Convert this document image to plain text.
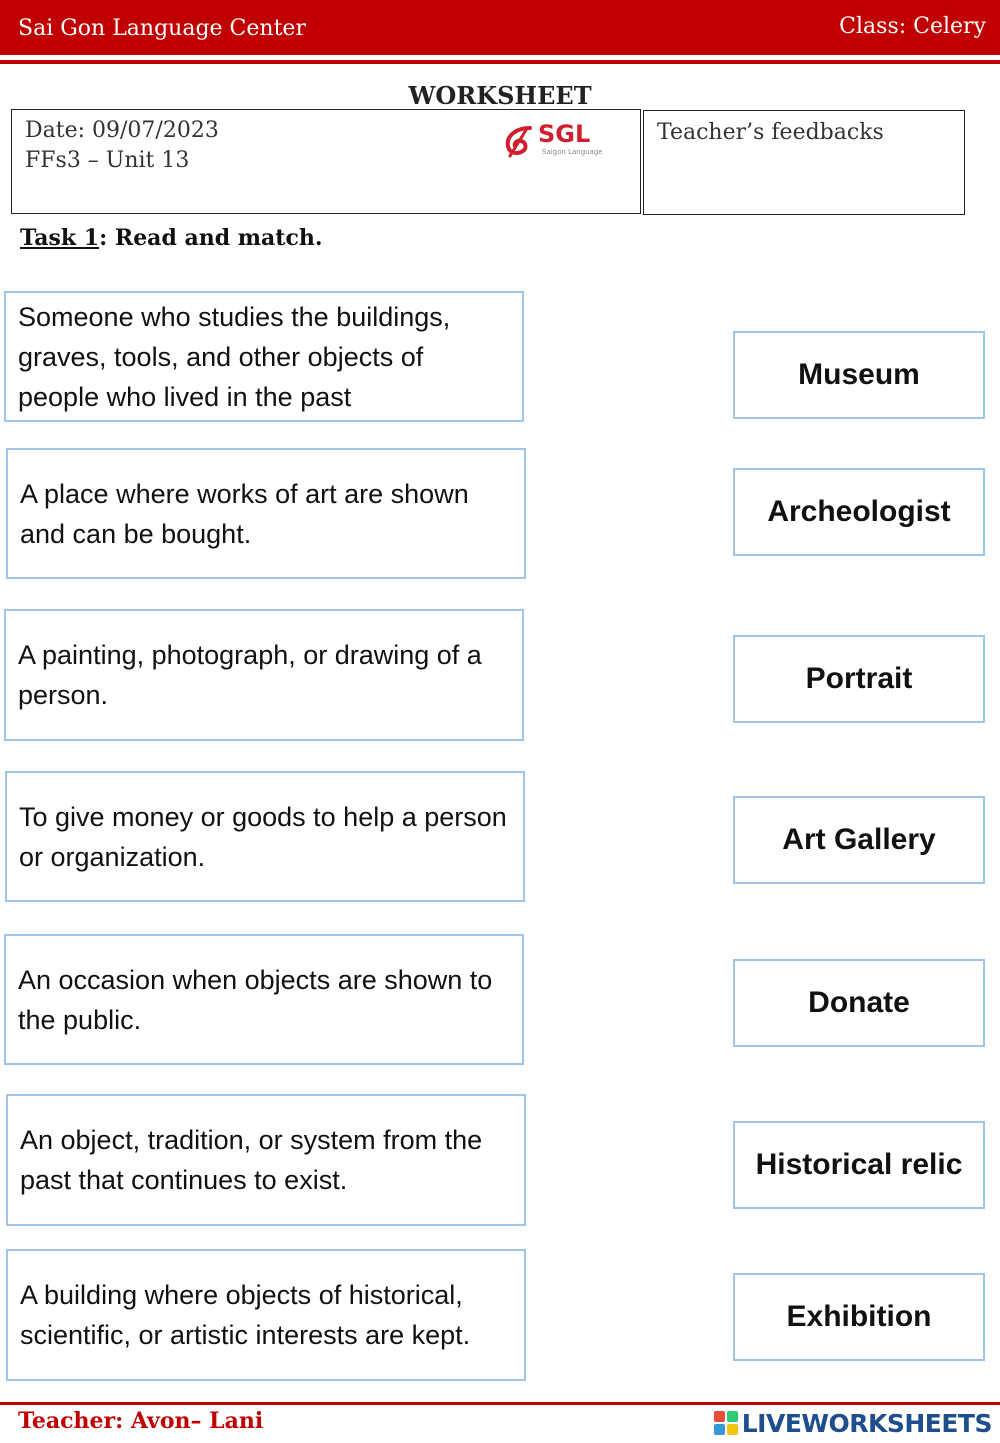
Sai Gon Language Center	Class: Celery
WORKSHEET
Date: 09/07/2023
FFs3 – Unit 13
SGL
Saigon Language
Teacher’s feedbacks
Task 1: Read and match.
Someone who studies the buildings, graves, tools, and other objects of people who lived in the past
A place where works of art are shown and can be bought.
A painting, photograph, or drawing of a person.
To give money or goods to help a person or organization.
An occasion when objects are shown to the public.
An object, tradition, or system from the past that continues to exist.
A building where objects of historical, scientific, or artistic interests are kept.
Museum
Archeologist
Portrait
Art Gallery
Donate
Historical relic
Exhibition
Teacher: Avon– Lani	LIVEWORKSHEETS
